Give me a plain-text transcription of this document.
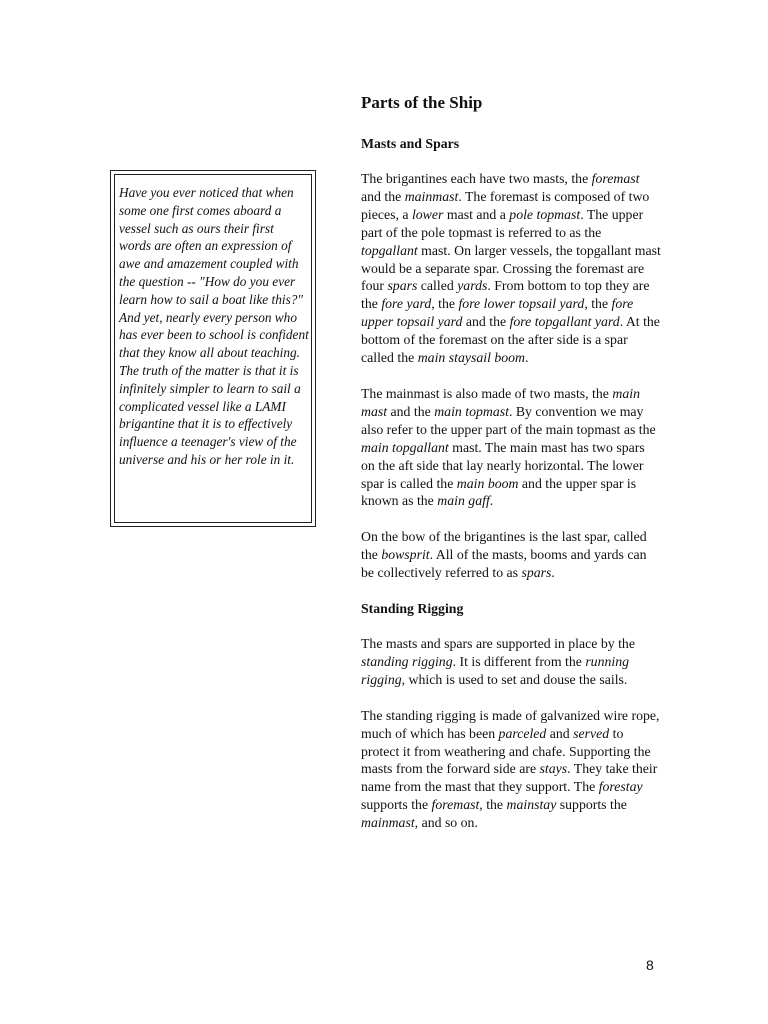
Have you ever noticed that when some one first comes aboard a vessel such as ours their first words are often an expression of awe and amazement coupled with the question -- "How do you ever learn how to sail a boat like this?" And yet, nearly every person who has ever been to school is confident that they know all about teaching. The truth of the matter is that it is infinitely simpler to learn to sail a complicated vessel like a LAMI brigantine that it is to effectively influence a teenager's view of the universe and his or her role in it.

Parts of the Ship
Masts and Spars

The brigantines each have two masts, the foremast and the mainmast. The foremast is composed of two pieces, a lower mast and a pole topmast. The upper part of the pole topmast is referred to as the topgallant mast. On larger vessels, the topgallant mast would be a separate spar. Crossing the foremast are four spars called yards. From bottom to top they are the fore yard, the fore lower topsail yard, the fore upper topsail yard and the fore topgallant yard. At the bottom of the foremast on the after side is a spar called the main staysail boom.

The mainmast is also made of two masts, the main mast and the main topmast. By convention we may also refer to the upper part of the main topmast as the main topgallant mast. The main mast has two spars on the aft side that lay nearly horizontal. The lower spar is called the main boom and the upper spar is known as the main gaff.

On the bow of the brigantines is the last spar, called the bowsprit. All of the masts, booms and yards can be collectively referred to as spars.

Standing Rigging

The masts and spars are supported in place by the standing rigging. It is different from the running rigging, which is used to set and douse the sails.

The standing rigging is made of galvanized wire rope, much of which has been parceled and served to protect it from weathering and chafe. Supporting the masts from the forward side are stays. They take their name from the mast that they support. The forestay supports the foremast, the mainstay supports the mainmast, and so on.

8
